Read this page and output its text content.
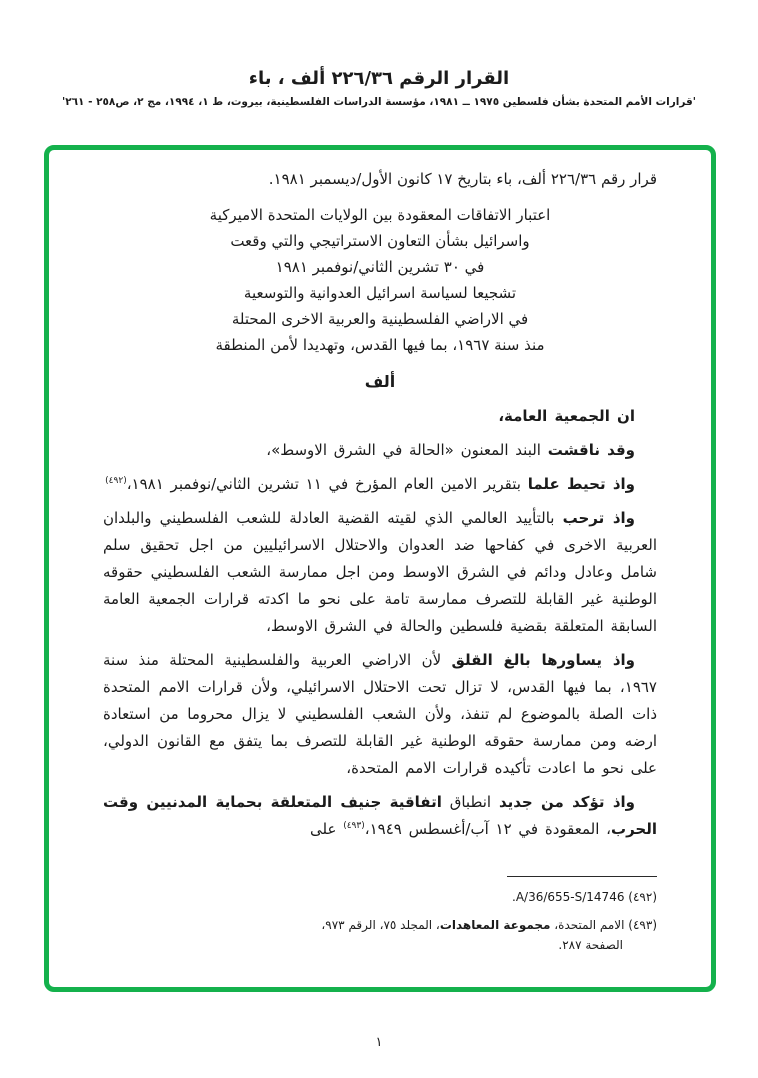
القرار الرقم ٢٢٦/٣٦ ألف ، باء
'قرارات الأمم المتحدة بشأن فلسطين ١٩٧٥ ــ ١٩٨١، مؤسسة الدراسات الفلسطينية، بيروت، ط ١، ١٩٩٤، مج ٢، ص٢٥٨ - ٢٦١'

قرار رقم ٢٢٦/٣٦ ألف، باء بتاريخ ١٧ كانون الأول/ديسمبر ١٩٨١.

اعتبار الاتفاقات المعقودة بين الولايات المتحدة الاميركية
واسرائيل بشأن التعاون الاستراتيجي والتي وقعت
في ٣٠ تشرين الثاني/نوفمبر ١٩٨١
تشجيعا لسياسة اسرائيل العدوانية والتوسعية
في الاراضي الفلسطينية والعربية الاخرى المحتلة
منذ سنة ١٩٦٧، بما فيها القدس، وتهديدا لأمن المنطقة
ألف

ان الجمعية العامة،

وقد ناقشت البند المعنون «الحالة في الشرق الاوسط»،

واذ تحيط علما بتقرير الامين العام المؤرخ في ١١ تشرين الثاني/نوفمبر ١٩٨١،$^{(٤٩٢)}$

واذ ترحب بالتأييد العالمي الذي لقيته القضية العادلة للشعب الفلسطيني والبلدان العربية الاخرى في كفاحها ضد العدوان والاحتلال الاسرائيليين من اجل تحقيق سلم شامل وعادل ودائم في الشرق الاوسط ومن اجل ممارسة الشعب الفلسطيني حقوقه الوطنية غير القابلة للتصرف ممارسة تامة على نحو ما اكدته قرارات الجمعية العامة السابقة المتعلقة بقضية فلسطين والحالة في الشرق الاوسط،

واذ يساورها بالغ القلق لأن الاراضي العربية والفلسطينية المحتلة منذ سنة ١٩٦٧، بما فيها القدس، لا تزال تحت الاحتلال الاسرائيلي، ولأن قرارات الامم المتحدة ذات الصلة بالموضوع لم تنفذ، ولأن الشعب الفلسطيني لا يزال محروما من استعادة ارضه ومن ممارسة حقوقه الوطنية غير القابلة للتصرف بما يتفق مع القانون الدولي، على نحو ما اعادت تأكيده قرارات الامم المتحدة،

واذ تؤكد من جديد انطباق اتفاقية جنيف المتعلقة بحماية المدنيين وقت الحرب، المعقودة في ١٢ آب/أغسطس ١٩٤٩،$^{(٤٩٣)}$ على

(٤٩٢) A/36/655-S/14746.
(٤٩٣) الامم المتحدة، مجموعة المعاهدات، المجلد ٧٥، الرقم ٩٧٣، الصفحة ٢٨٧.
١
